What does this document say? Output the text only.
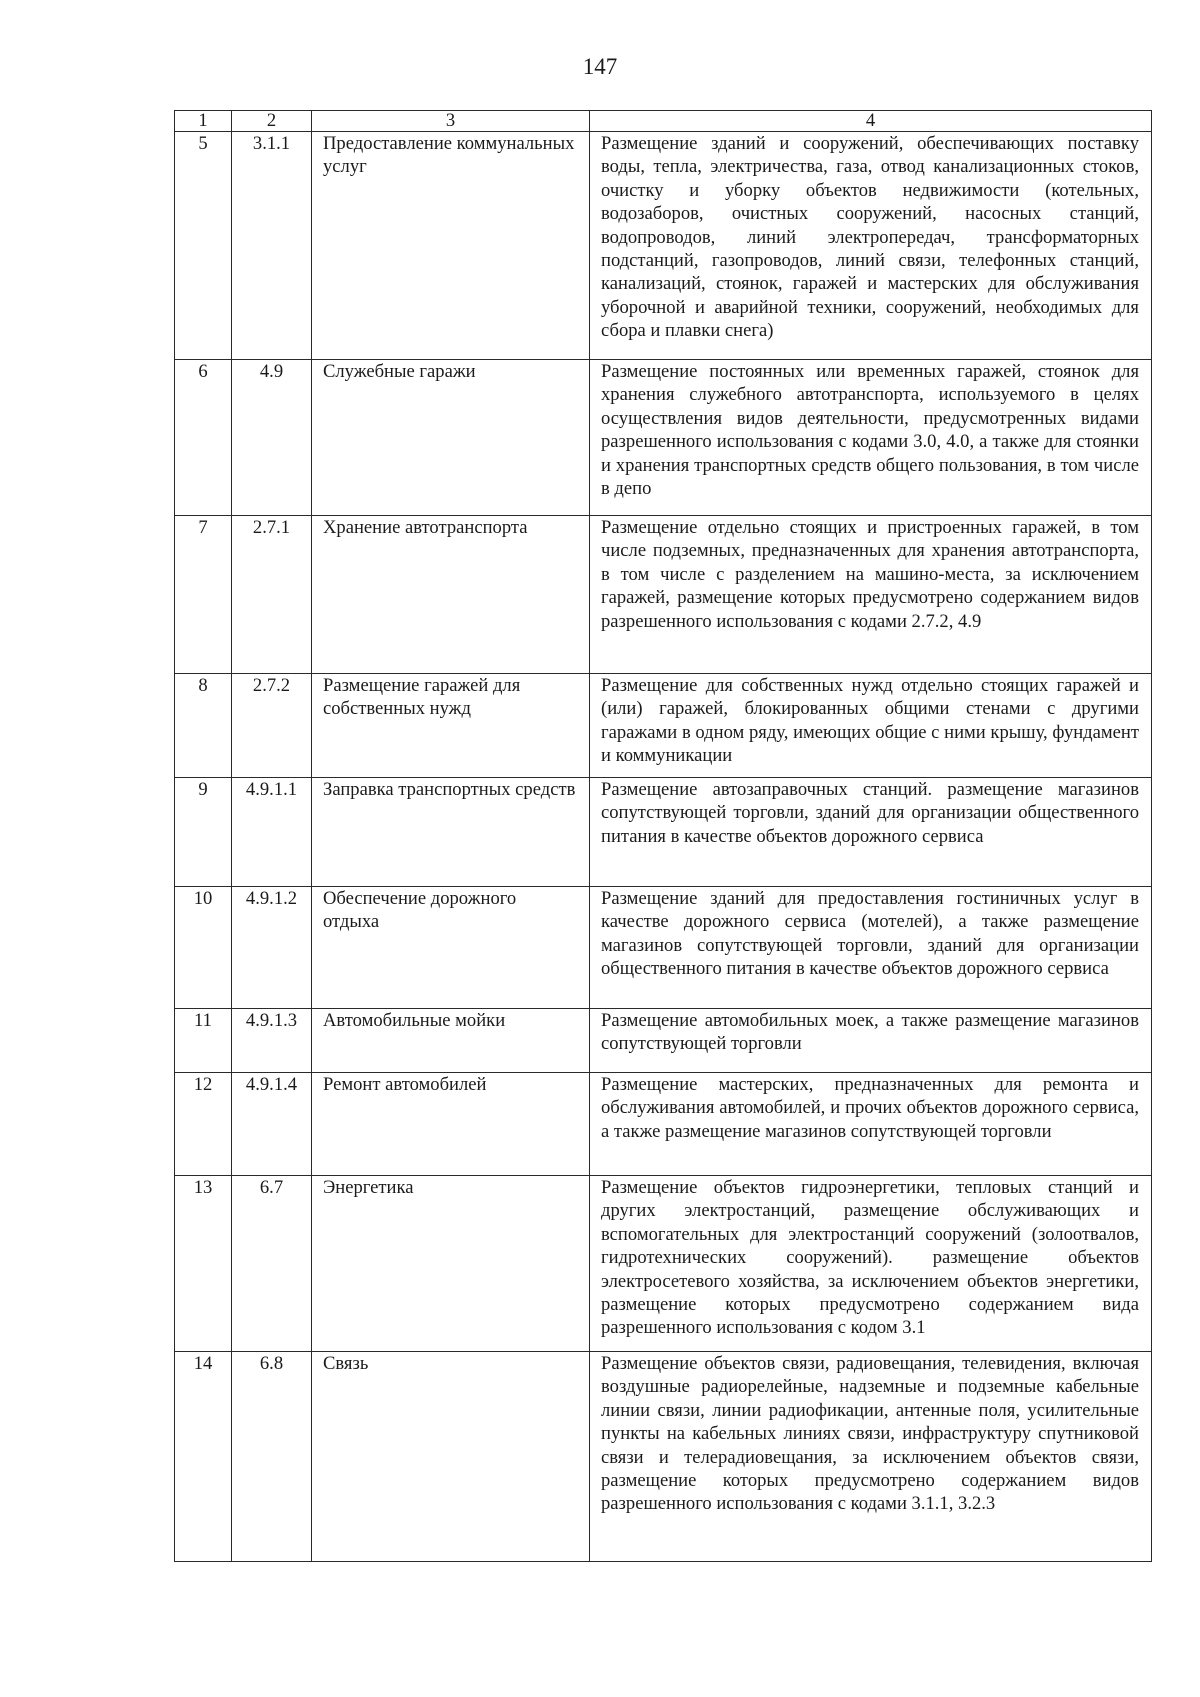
147
1	2	3	4
5	3.1.1	Предоставление коммунальных услуг	Размещение зданий и сооружений, обеспечивающих поставку воды, тепла, электричества, газа, отвод канализационных стоков, очистку и уборку объектов недвижимости (котельных, водозаборов, очистных сооружений, насосных станций, водопроводов, линий электропередач, трансформаторных подстанций, газопроводов, линий связи, телефонных станций, канализаций, стоянок, гаражей и мастерских для обслуживания уборочной и аварийной техники, сооружений, необходимых для сбора и плавки снега)
6	4.9	Служебные гаражи	Размещение постоянных или временных гаражей, стоянок для хранения служебного автотранспорта, используемого в целях осуществления видов деятельности, предусмотренных видами разрешенного использования с кодами 3.0, 4.0, а также для стоянки и хранения транспортных средств общего пользования, в том числе в депо
7	2.7.1	Хранение автотранспорта	Размещение отдельно стоящих и пристроенных гаражей, в том числе подземных, предназначенных для хранения автотранспорта, в том числе с разделением на машино-места, за исключением гаражей, размещение которых предусмотрено содержанием видов разрешенного использования с кодами 2.7.2, 4.9
8	2.7.2	Размещение гаражей для собственных нужд	Размещение для собственных нужд отдельно стоящих гаражей и (или) гаражей, блокированных общими стенами с другими гаражами в одном ряду, имеющих общие с ними крышу, фундамент и коммуникации
9	4.9.1.1	Заправка транспортных средств	Размещение автозаправочных станций. размещение магазинов сопутствующей торговли, зданий для организации общественного питания в качестве объектов дорожного сервиса
10	4.9.1.2	Обеспечение дорожного отдыха	Размещение зданий для предоставления гостиничных услуг в качестве дорожного сервиса (мотелей), а также размещение магазинов сопутствующей торговли, зданий для организации общественного питания в качестве объектов дорожного сервиса
11	4.9.1.3	Автомобильные мойки	Размещение автомобильных моек, а также размещение магазинов сопутствующей торговли
12	4.9.1.4	Ремонт автомобилей	Размещение мастерских, предназначенных для ремонта и обслуживания автомобилей, и прочих объектов дорожного сервиса, а также размещение магазинов сопутствующей торговли
13	6.7	Энергетика	Размещение объектов гидроэнергетики, тепловых станций и других электростанций, размещение обслуживающих и вспомогательных для электростанций сооружений (золоотвалов, гидротехнических сооружений). размещение объектов электросетевого хозяйства, за исключением объектов энергетики, размещение которых предусмотрено содержанием вида разрешенного использования с кодом 3.1
14	6.8	Связь	Размещение объектов связи, радиовещания, телевидения, включая воздушные радиорелейные, надземные и подземные кабельные линии связи, линии радиофикации, антенные поля, усилительные пункты на кабельных линиях связи, инфраструктуру спутниковой связи и телерадиовещания, за исключением объектов связи, размещение которых предусмотрено содержанием видов разрешенного использования с кодами 3.1.1, 3.2.3
